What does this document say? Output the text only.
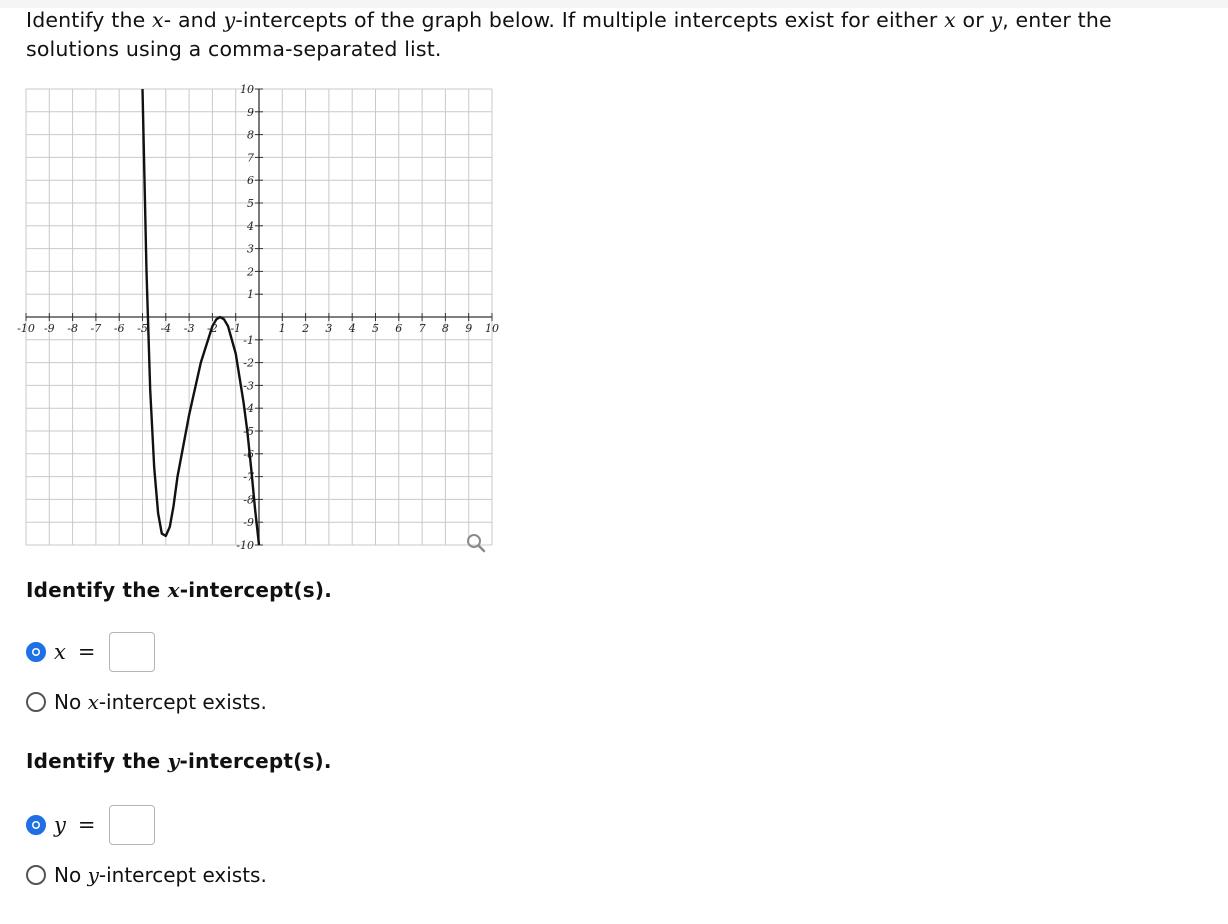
Identify the x- and y-intercepts of the graph below. If multiple intercepts exist for either x or y, enter the solutions using a comma-separated list.
-10 -9 -8 -7 -6 -5 -4 -3 -2 -1	1 2 3 4 5 6 7 8 9 10
10
9
8
7
6
5
4
3
2
1
-1
-2
-3
-4
-5
-6
-7
-8
-9
-10
Identify the x-intercept(s).
x =
No x-intercept exists.
Identify the y-intercept(s).
y =
No y-intercept exists.
